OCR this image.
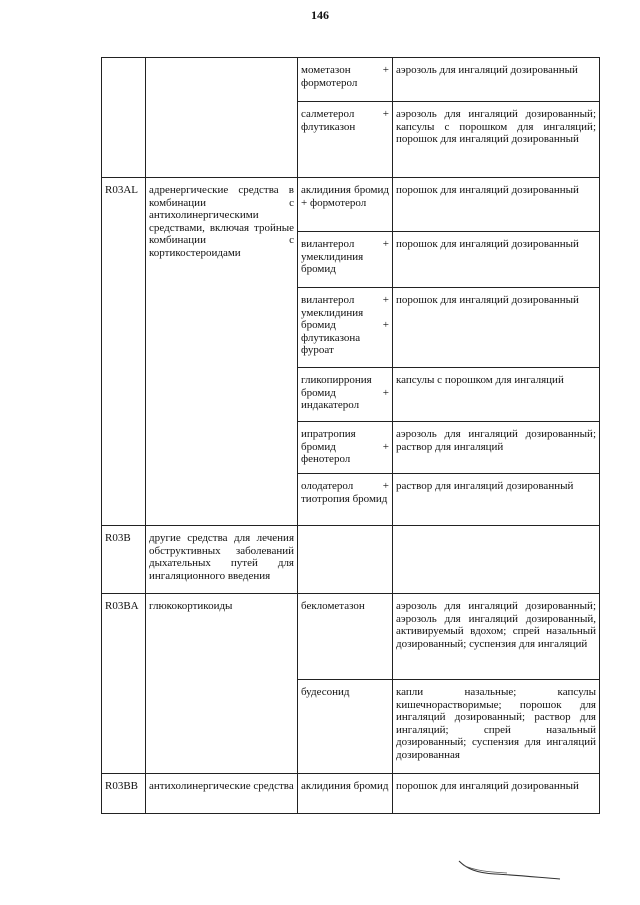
146
		мометазон + формотерол	аэрозоль для ингаляций дозированный
		салметерол + флутиказон	аэрозоль для ингаляций дозированный; капсулы с порошком для ингаляций; порошок для ингаляций дозированный
R03AL	адренергические средства в комбинации с антихолинергическими средствами, включая тройные комбинации с кортикостероидами	аклидиния бромид + формотерол	порошок для ингаляций дозированный
		вилантерол + умеклидиния бромид	порошок для ингаляций дозированный
		вилантерол + умеклидиния бромид + флутиказона фуроат	порошок для ингаляций дозированный
		гликопиррония бромид + индакатерол	капсулы с порошком для ингаляций
		ипратропия бромид + фенотерол	аэрозоль для ингаляций дозированный; раствор для ингаляций
		олодатерол + тиотропия бромид	раствор для ингаляций дозированный
R03B	другие средства для лечения обструктивных заболеваний дыхательных путей для ингаляционного введения		
R03BA	глюкокортикоиды	беклометазон	аэрозоль для ингаляций дозированный; аэрозоль для ингаляций дозированный, активируемый вдохом; спрей назальный дозированный; суспензия для ингаляций
		будесонид	капли назальные; капсулы кишечнорастворимые; порошок для ингаляций дозированный; раствор для ингаляций; спрей назальный дозированный; суспензия для ингаляций дозированная
R03BB	антихолинергические средства	аклидиния бромид	порошок для ингаляций дозированный
